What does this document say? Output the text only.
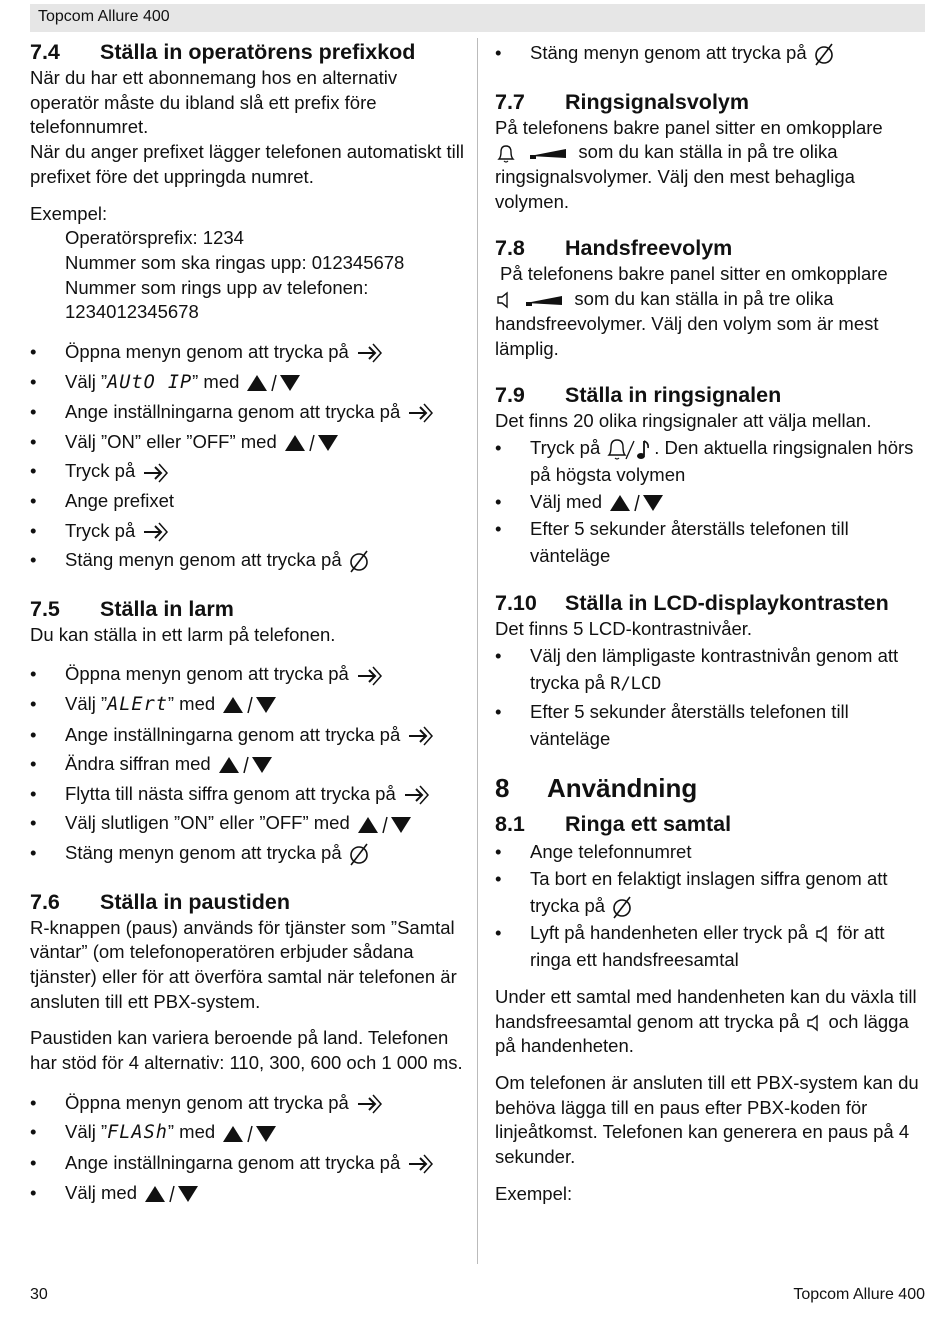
Topcom Allure 400
7.4	Ställa in operatörens prefixkod

När du har ett abonnemang hos en alternativ operatör måste du ibland slå ett prefix före telefonnumret.

När du anger prefixet lägger telefonen automatiskt till prefixet före det uppringda numret.

Exempel:

Operatörsprefix: 1234

Nummer som ska ringas upp: 012345678

Nummer som rings upp av telefonen: 1234012345678

• Öppna menyn genom att trycka på
• Välj ”AUtO IP” med
• Ange inställningarna genom att trycka på
• Välj ”ON” eller ”OFF” med
• Tryck på
• Ange prefixet
• Tryck på
• Stäng menyn genom att trycka på
7.5	Ställa in larm

Du kan ställa in ett larm på telefonen.

• Öppna menyn genom att trycka på
• Välj ”ALErt” med
• Ange inställningarna genom att trycka på
• Ändra siffran med
• Flytta till nästa siffra genom att trycka på
• Välj slutligen ”ON” eller ”OFF” med
• Stäng menyn genom att trycka på
7.6	Ställa in paustiden

R-knappen (paus) används för tjänster som ”Samtal väntar” (om telefonoperatören erbjuder sådana tjänster) eller för att överföra samtal när telefonen är ansluten till ett PBX-system.

Paustiden kan variera beroende på land. Telefonen har stöd för 4 alternativ: 110, 300, 600 och 1 000 ms.

• Öppna menyn genom att trycka på
• Välj ”FLASh” med
• Ange inställningarna genom att trycka på
• Välj med
• Stäng menyn genom att trycka på
7.7	Ringsignalsvolym

På telefonens bakre panel sitter en omkopplare

som du kan ställa in på tre olika ringsignalsvolymer. Välj den mest behagliga volymen.

7.8	Handsfreevolym

På telefonens bakre panel sitter en omkopplare

som du kan ställa in på tre olika handsfreevolymer. Välj den volym som är mest lämplig.

7.9	Ställa in ringsignalen

Det finns 20 olika ringsignaler att välja mellan.

• Tryck på	. Den aktuella ringsignalen hörs på högsta volymen
• Välj med
• Efter 5 sekunder återställs telefonen till vänteläge
7.10	Ställa in LCD-displaykontrasten

Det finns 5 LCD-kontrastnivåer.

• Välj den lämpligaste kontrastnivån genom att trycka på R/LCD
• Efter 5 sekunder återställs telefonen till vänteläge
8	Användning
8.1	Ringa ett samtal
• Ange telefonnumret
• Ta bort en felaktigt inslagen siffra genom att trycka på
• Lyft på handenheten eller tryck på för att ringa ett handsfreesamtal

Under ett samtal med handenheten kan du växla till handsfreesamtal genom att trycka på och lägga på handenheten.

Om telefonen är ansluten till ett PBX-system kan du behöva lägga till en paus efter PBX-koden för linjeåtkomst. Telefonen kan generera en paus på 4 sekunder.

Exempel:

30	Topcom Allure 400
